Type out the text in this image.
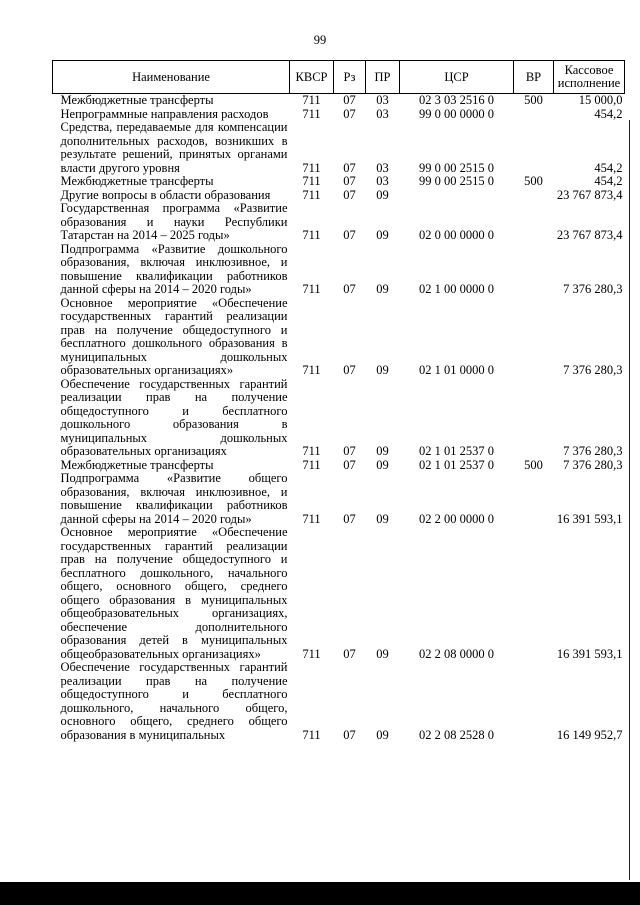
99
Наименование	КВСР	Рз	ПР	ЦСР	ВР	Кассовое
исполнение

Межбюджетные трансферты	711	07	03	02 3 03 2516 0	500	15 000,0
Непрограммные направления расходов	711	07	03	99 0 00 0000 0		454,2
Средства, передаваемые для компенсации дополнительных расходов, возникших в результате решений, принятых органами власти другого уровня	711	07	03	99 0 00 2515 0		454,2
Межбюджетные трансферты	711	07	03	99 0 00 2515 0	500	454,2
Другие вопросы в области образования	711	07	09			23 767 873,4
Государственная программа «Развитие образования и науки Республики Татарстан на 2014 – 2025 годы»	711	07	09	02 0 00 0000 0		23 767 873,4
Подпрограмма «Развитие дошкольного образования, включая инклюзивное, и повышение квалификации работников данной сферы на 2014 – 2020 годы»	711	07	09	02 1 00 0000 0		7 376 280,3
Основное мероприятие «Обеспечение государственных гарантий реализации прав на получение общедоступного и бесплатного дошкольного образования в муниципальных дошкольных образовательных организациях»	711	07	09	02 1 01 0000 0		7 376 280,3
Обеспечение государственных гарантий реализации прав на получение общедоступного и бесплатного дошкольного образования в муниципальных дошкольных образовательных организациях	711	07	09	02 1 01 2537 0		7 376 280,3
Межбюджетные трансферты	711	07	09	02 1 01 2537 0	500	7 376 280,3
Подпрограмма «Развитие общего образования, включая инклюзивное, и повышение квалификации работников данной сферы на 2014 – 2020 годы»	711	07	09	02 2 00 0000 0		16 391 593,1
Основное мероприятие «Обеспечение государственных гарантий реализации прав на получение общедоступного и бесплатного дошкольного, начального общего, основного общего, среднего общего образования в муниципальных общеобразовательных организациях, обеспечение дополнительного образования детей в муниципальных общеобразовательных организациях»	711	07	09	02 2 08 0000 0		16 391 593,1
Обеспечение государственных гарантий реализации прав на получение общедоступного и бесплатного дошкольного, начального общего, основного общего, среднего общего образования в муниципальных	711	07	09	02 2 08 2528 0		16 149 952,7
